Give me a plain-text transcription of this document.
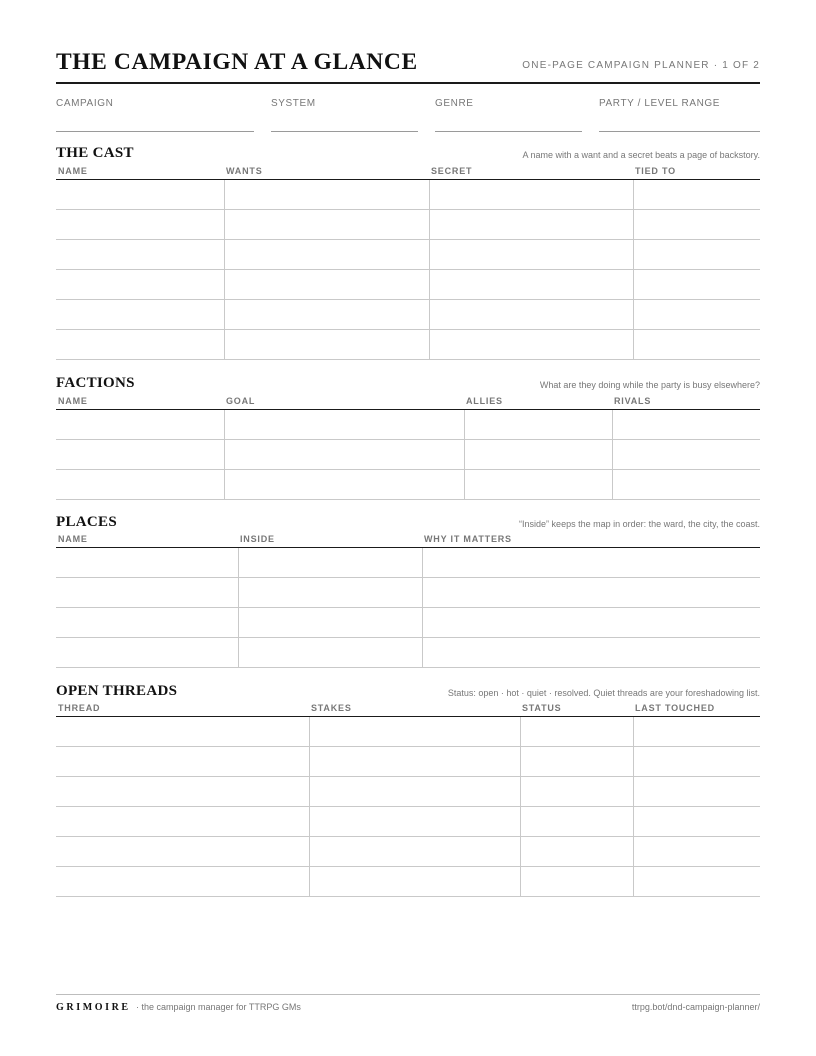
THE CAMPAIGN AT A GLANCE	ONE-PAGE CAMPAIGN PLANNER · 1 OF 2
CAMPAIGN	SYSTEM	GENRE	PARTY / LEVEL RANGE
THE CAST	A name with a want and a secret beats a page of backstory.
NAME	WANTS	SECRET	TIED TO
FACTIONS	What are they doing while the party is busy elsewhere?
NAME	GOAL	ALLIES	RIVALS
PLACES	“Inside” keeps the map in order: the ward, the city, the coast.
NAME	INSIDE	WHY IT MATTERS
OPEN THREADS	Status: open · hot · quiet · resolved. Quiet threads are your foreshadowing list.
THREAD	STAKES	STATUS	LAST TOUCHED
GRIMOIRE · the campaign manager for TTRPG GMs	ttrpg.bot/dnd-campaign-planner/
